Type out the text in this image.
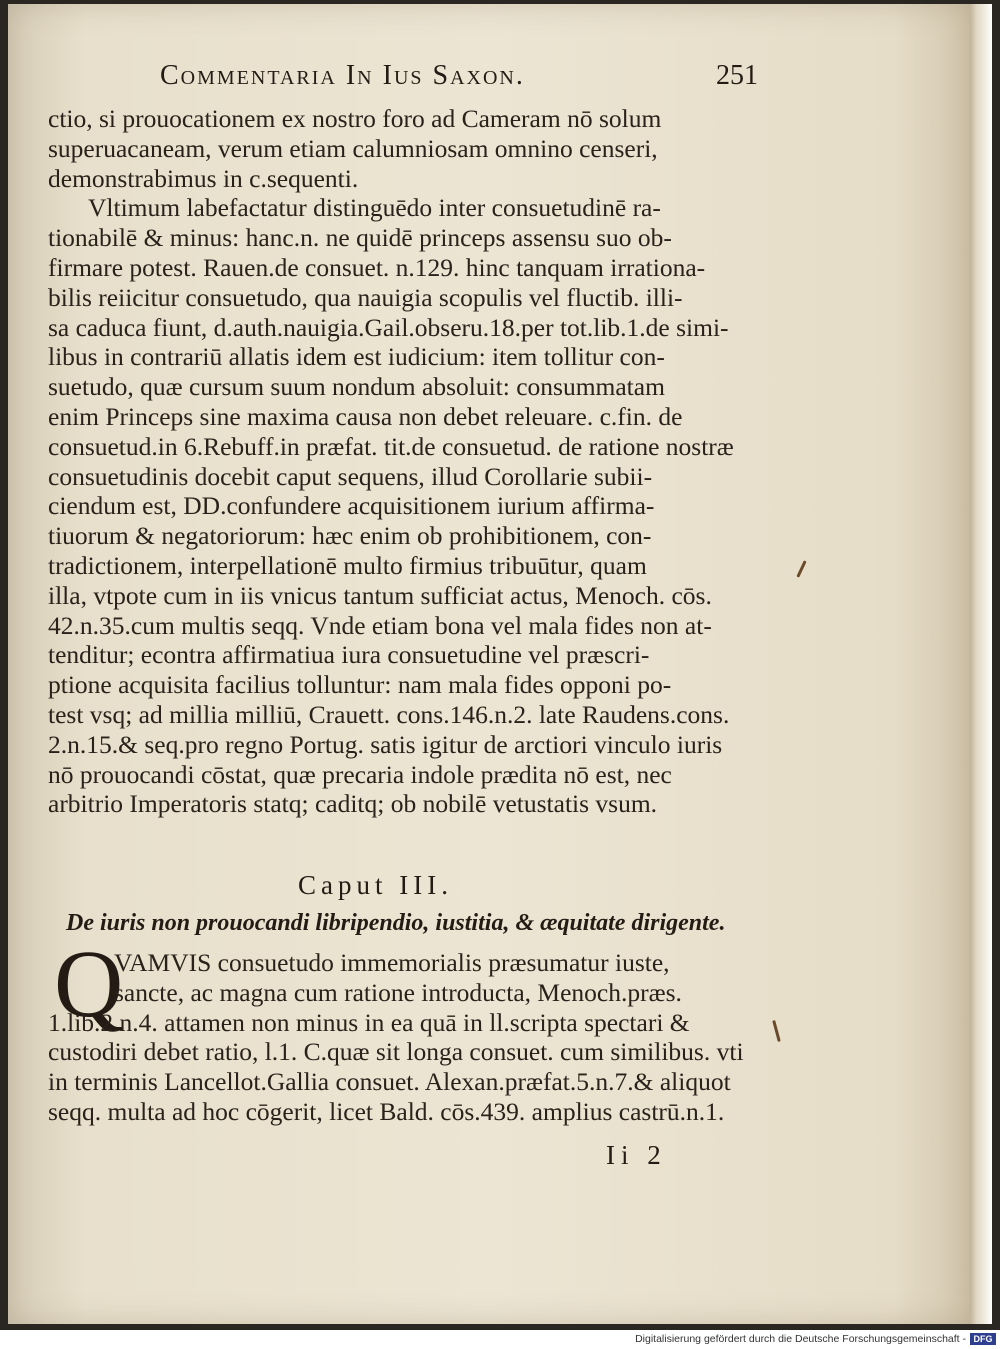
Commentaria In Ius Saxon.	251
ctio, si prouocationem ex nostro foro ad Cameram nō solum
superuacaneam, verum etiam calumniosam omnino censeri,
demonstrabimus in c.sequenti.
Vltimum labefactatur distinguēdo inter consuetudinē ra-
tionabilē & minus: hanc.n. ne quidē princeps assensu suo ob-
firmare potest. Rauen.de consuet. n.129. hinc tanquam irrationa-
bilis reiicitur consuetudo, qua nauigia scopulis vel fluctib. illi-
sa caduca fiunt, d.auth.nauigia.Gail.obseru.18.per tot.lib.1.de simi-
libus in contrariū allatis idem est iudicium: item tollitur con-
suetudo, quæ cursum suum nondum absoluit: consummatam
enim Princeps sine maxima causa non debet releuare. c.fin. de
consuetud.in 6.Rebuff.in præfat. tit.de consuetud. de ratione nostræ
consuetudinis docebit caput sequens, illud Corollarie subii-
ciendum est, DD.confundere acquisitionem iurium affirma-
tiuorum & negatoriorum: hæc enim ob prohibitionem, con-
tradictionem, interpellationē multo firmius tribuūtur, quam
illa, vtpote cum in iis vnicus tantum sufficiat actus, Menoch. cōs.
42.n.35.cum multis seqq. Vnde etiam bona vel mala fides non at-
tenditur; econtra affirmatiua iura consuetudine vel præscri-
ptione acquisita facilius tolluntur: nam mala fides opponi po-
test vsq; ad millia milliū, Crauett. cons.146.n.2. late Raudens.cons.
2.n.15.& seq.pro regno Portug. satis igitur de arctiori vinculo iuris
nō prouocandi cōstat, quæ precaria indole prædita nō est, nec
arbitrio Imperatoris statq; caditq; ob nobilē vetustatis vsum.
Caput III.
De iuris non prouocandi libripendio, iustitia, & æquitate dirigente.
Q
VAMVIS consuetudo immemorialis præsumatur iuste,
sancte, ac magna cum ratione introducta, Menoch.præs.
1.lib.2.n.4. attamen non minus in ea quā in ll.scripta spectari &
custodiri debet ratio, l.1. C.quæ sit longa consuet. cum similibus. vti
in terminis Lancellot.Gallia consuet. Alexan.præfat.5.n.7.& aliquot
seqq. multa ad hoc cōgerit, licet Bald. cōs.439. amplius castrū.n.1.
Ii 2
Digitalisierung gefördert durch die Deutsche Forschungsgemeinschaft - DFG
